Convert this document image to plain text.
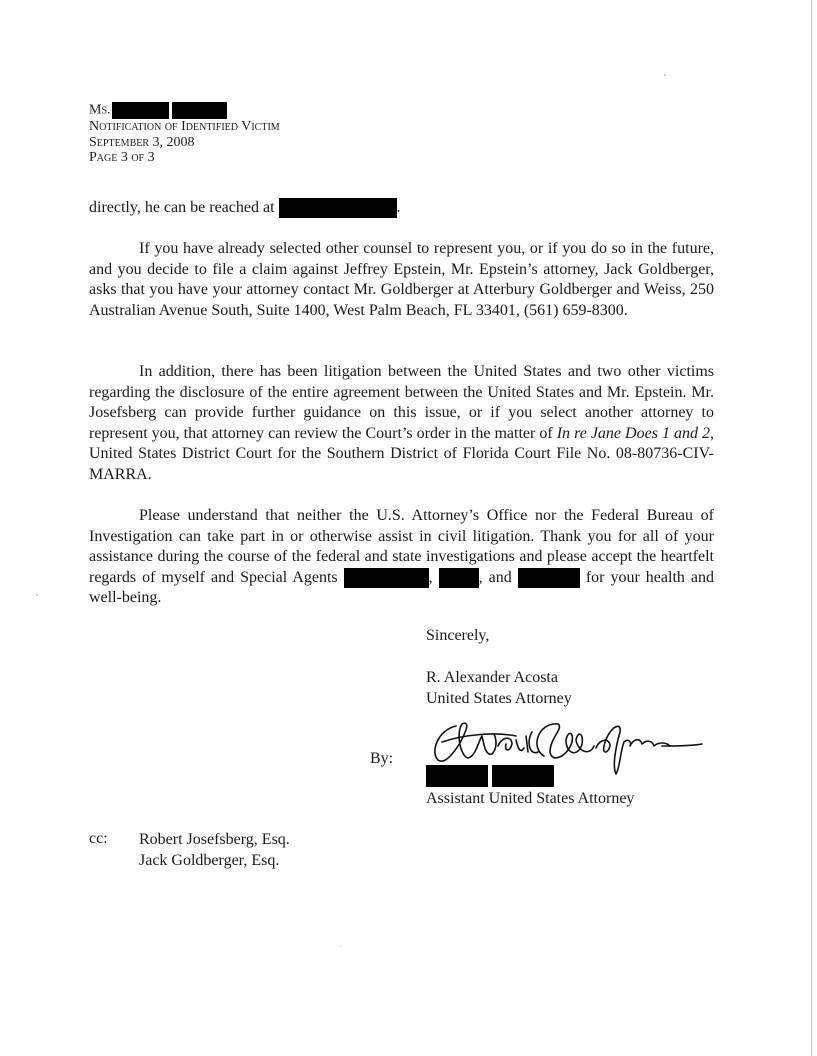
Ms.
Notification of Identified Victim
September 3, 2008
Page 3 of 3
directly, he can be reached at	.
If you have already selected other counsel to represent you, or if you do so in the future, and you decide to file a claim against Jeffrey Epstein, Mr. Epstein’s attorney, Jack Goldberger, asks that you have your attorney contact Mr. Goldberger at Atterbury Goldberger and Weiss, 250 Australian Avenue South, Suite 1400, West Palm Beach, FL 33401, (561) 659-8300.
In addition, there has been litigation between the United States and two other victims regarding the disclosure of the entire agreement between the United States and Mr. Epstein. Mr. Josefsberg can provide further guidance on this issue, or if you select another attorney to represent you, that attorney can review the Court’s order in the matter of In re Jane Does 1 and 2, United States District Court for the Southern District of Florida Court File No. 08-80736-CIV-MARRA.
Please understand that neither the U.S. Attorney’s Office nor the Federal Bureau of Investigation can take part in or otherwise assist in civil litigation. Thank you for all of your assistance during the course of the federal and state investigations and please accept the heartfelt regards of myself and Special Agents	,	, and	for your health and well-being.
Sincerely,
R. Alexander Acosta
United States Attorney
By:
Assistant United States Attorney
cc: Robert Josefsberg, Esq.
Jack Goldberger, Esq.
